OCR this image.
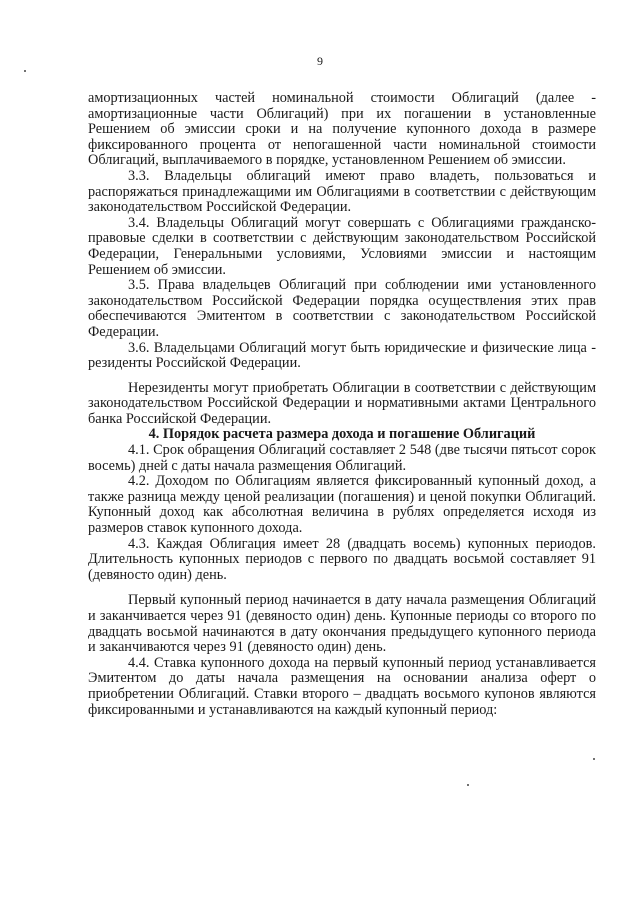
9

амортизационных частей номинальной стоимости Облигаций (далее - амортизационные части Облигаций) при их погашении в установленные Решением об эмиссии сроки и на получение купонного дохода в размере фиксированного процента от непогашенной части номинальной стоимости Облигаций, выплачиваемого в порядке, установленном Решением об эмиссии.

3.3. Владельцы облигаций имеют право владеть, пользоваться и распоряжаться принадлежащими им Облигациями в соответствии с действующим законодательством Российской Федерации.

3.4. Владельцы Облигаций могут совершать с Облигациями гражданско-правовые сделки в соответствии с действующим законодательством Российской Федерации, Генеральными условиями, Условиями эмиссии и настоящим Решением об эмиссии.

3.5. Права владельцев Облигаций при соблюдении ими установленного законодательством Российской Федерации порядка осуществления этих прав обеспечиваются Эмитентом в соответствии с законодательством Российской Федерации.

3.6. Владельцами Облигаций могут быть юридические и физические лица - резиденты Российской Федерации.

Нерезиденты могут приобретать Облигации в соответствии с действующим законодательством Российской Федерации и нормативными актами Центрального банка Российской Федерации.

4. Порядок расчета размера дохода и погашение Облигаций

4.1. Срок обращения Облигаций составляет 2 548 (две тысячи пятьсот сорок восемь) дней с даты начала размещения Облигаций.

4.2. Доходом по Облигациям является фиксированный купонный доход, а также разница между ценой реализации (погашения) и ценой покупки Облигаций. Купонный доход как абсолютная величина в рублях определяется исходя из размеров ставок купонного дохода.

4.3. Каждая Облигация имеет 28 (двадцать восемь) купонных периодов. Длительность купонных периодов с первого по двадцать восьмой составляет 91 (девяносто один) день.

Первый купонный период начинается в дату начала размещения Облигаций и заканчивается через 91 (девяносто один) день. Купонные периоды со второго по двадцать восьмой начинаются в дату окончания предыдущего купонного периода и заканчиваются через 91 (девяносто один) день.

4.4. Ставка купонного дохода на первый купонный период устанавливается Эмитентом до даты начала размещения на основании анализа оферт о приобретении Облигаций. Ставки второго – двадцать восьмого купонов являются фиксированными и устанавливаются на каждый купонный период:
